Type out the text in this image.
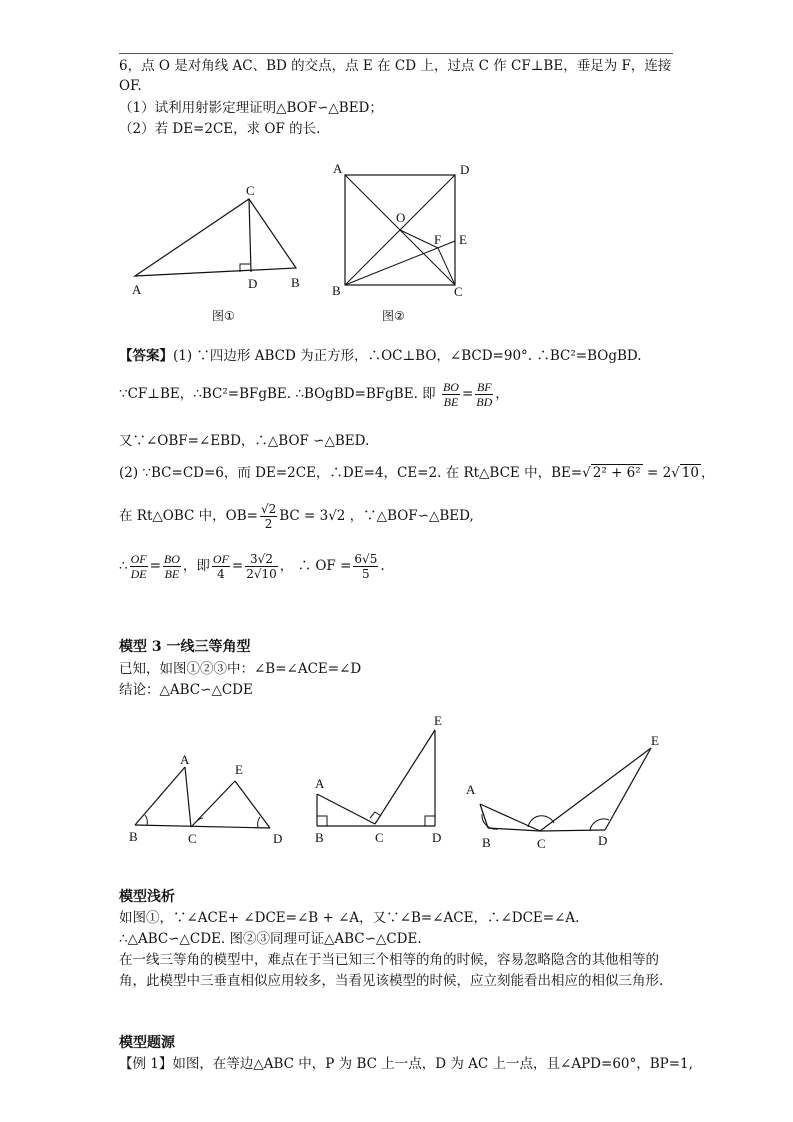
6，点 O 是对角线 AC、BD 的交点，点 E 在 CD 上，过点 C 作 CF⊥BE，垂足为 F，连接
OF.
（1）试利用射影定理证明△BOF∽△BED；
（2）若 DE=2CE，求 OF 的长.
A
C
D	B
图①
A	D
O
F E
B	C
图②
【答案】(1) ∵四边形 ABCD 为正方形，∴OC⊥BO，∠BCD=90°. ∴BC²=BOgBD.
∵CF⊥BE，∴BC²=BFgBE. ∴BOgBD=BFgBE. 即 $\frac{BO}{BE} = \frac{BF}{BD}$ ，
又∵∠OBF=∠EBD，∴△BOF ∽△BED.
(2) ∵BC=CD=6，而 DE=2CE，∴DE=4，CE=2. 在 Rt△BCE 中，BE=√ 2² + 6² = 2√ 10 ，
在 Rt△OBC 中，$OB= \frac{√2}{2}$ BC = 3√2 ，∵△BOF∽△BED,
∴ $\frac{OF}{DE} = \frac{BO}{BE}$ ，即 $\frac{OF}{4} = \frac{3√2}{2√10}$ ， ∴ OF = $\frac{6√5}{5}$ .
模型 3 一线三等角型
已知，如图①②③中：∠B=∠ACE=∠D
结论：△ABC∽△CDE
A
E
B	C	D
A
E
B	C	D
A
E
B	C	D
模型浅析
如图①，∵∠ACE+ ∠DCE=∠B + ∠A，又∵∠B=∠ACE，∴∠DCE=∠A.
∴△ABC∽△CDE. 图②③同理可证△ABC∽△CDE.
在一线三等角的模型中，难点在于当已知三个相等的角的时候，容易忽略隐含的其他相等的
角，此模型中三垂直相似应用较多，当看见该模型的时候，应立刻能看出相应的相似三角形.
模型题源
【例 1】如图，在等边△ABC 中，P 为 BC 上一点，D 为 AC 上一点，且∠APD=60°，BP=1,
